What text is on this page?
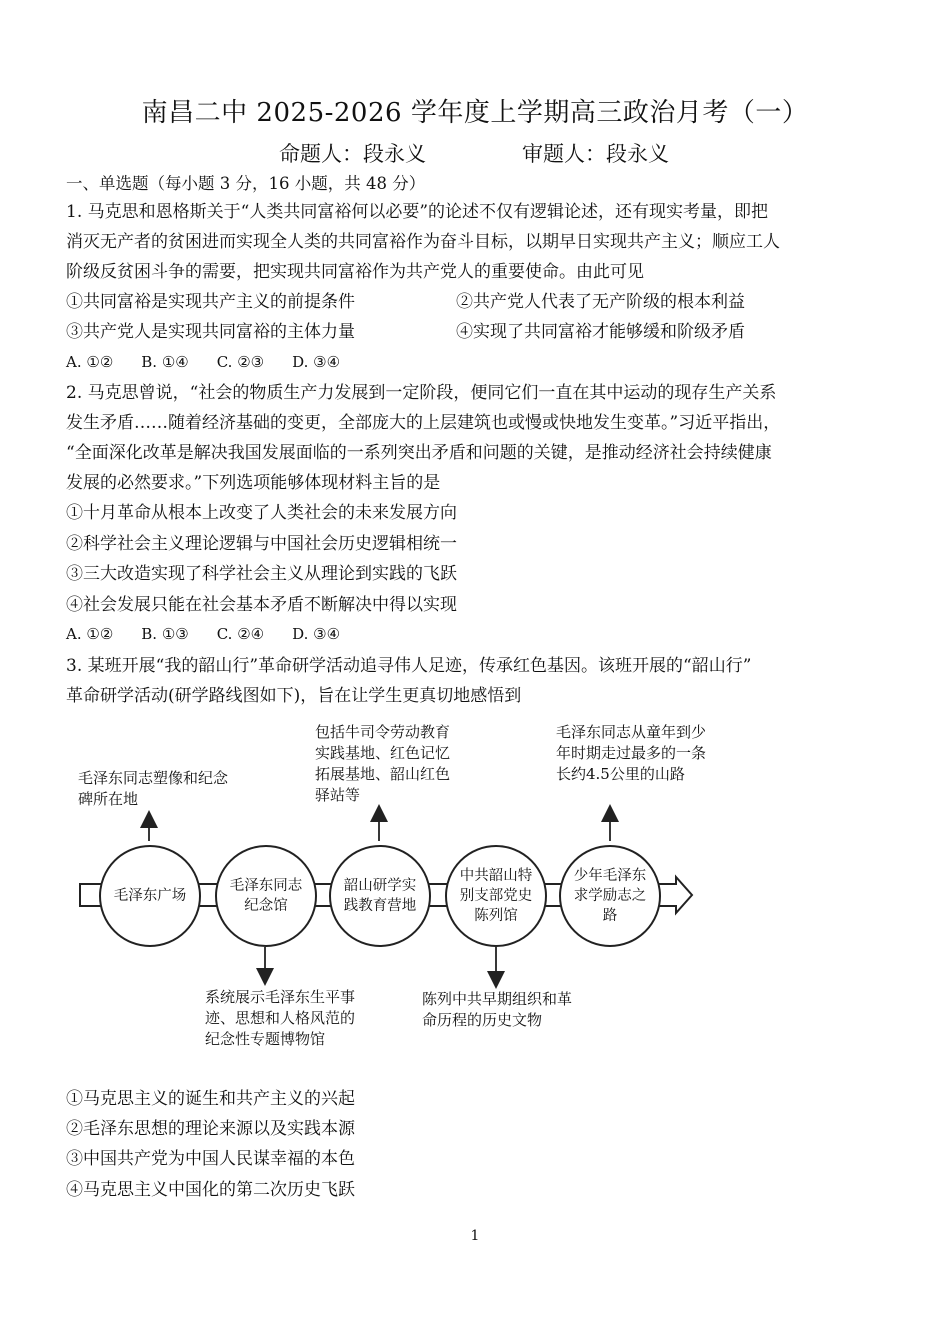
南昌二中 2025-2026 学年度上学期高三政治月考（一）
命题人：段永义	审题人：段永义
一、单选题（每小题 3 分，16 小题，共 48 分）
1. 马克思和恩格斯关于“人类共同富裕何以必要”的论述不仅有逻辑论述，还有现实考量，即把
消灭无产者的贫困进而实现全人类的共同富裕作为奋斗目标，以期早日实现共产主义；顺应工人
阶级反贫困斗争的需要，把实现共同富裕作为共产党人的重要使命。由此可见
①共同富裕是实现共产主义的前提条件	②共产党人代表了无产阶级的根本利益
③共产党人是实现共同富裕的主体力量	④实现了共同富裕才能够缓和阶级矛盾
A. ①② B. ①④ C. ②③ D. ③④
2. 马克思曾说，“社会的物质生产力发展到一定阶段，便同它们一直在其中运动的现存生产关系
发生矛盾……随着经济基础的变更，全部庞大的上层建筑也或慢或快地发生变革。”习近平指出，
“全面深化改革是解决我国发展面临的一系列突出矛盾和问题的关键，是推动经济社会持续健康
发展的必然要求。”下列选项能够体现材料主旨的是
①十月革命从根本上改变了人类社会的未来发展方向
②科学社会主义理论逻辑与中国社会历史逻辑相统一
③三大改造实现了科学社会主义从理论到实践的飞跃
④社会发展只能在社会基本矛盾不断解决中得以实现
A. ①② B. ①③ C. ②④ D. ③④
3. 某班开展“我的韶山行”革命研学活动追寻伟人足迹，传承红色基因。该班开展的“韶山行”
革命研学活动(研学路线图如下)，旨在让学生更真切地感悟到
毛泽东广场
毛泽东同志纪念馆
韶山研学实践教育营地
中共韶山特别支部党史陈列馆
少年毛泽东求学励志之路
毛泽东同志塑像和纪念碑所在地
系统展示毛泽东生平事迹、思想和人格风范的纪念性专题博物馆
包括牛司令劳动教育实践基地、红色记忆拓展基地、韶山红色驿站等
陈列中共早期组织和革命历程的历史文物
毛泽东同志从童年到少年时期走过最多的一条长约4.5公里的山路
①马克思主义的诞生和共产主义的兴起
②毛泽东思想的理论来源以及实践本源
③中国共产党为中国人民谋幸福的本色
④马克思主义中国化的第二次历史飞跃
1
